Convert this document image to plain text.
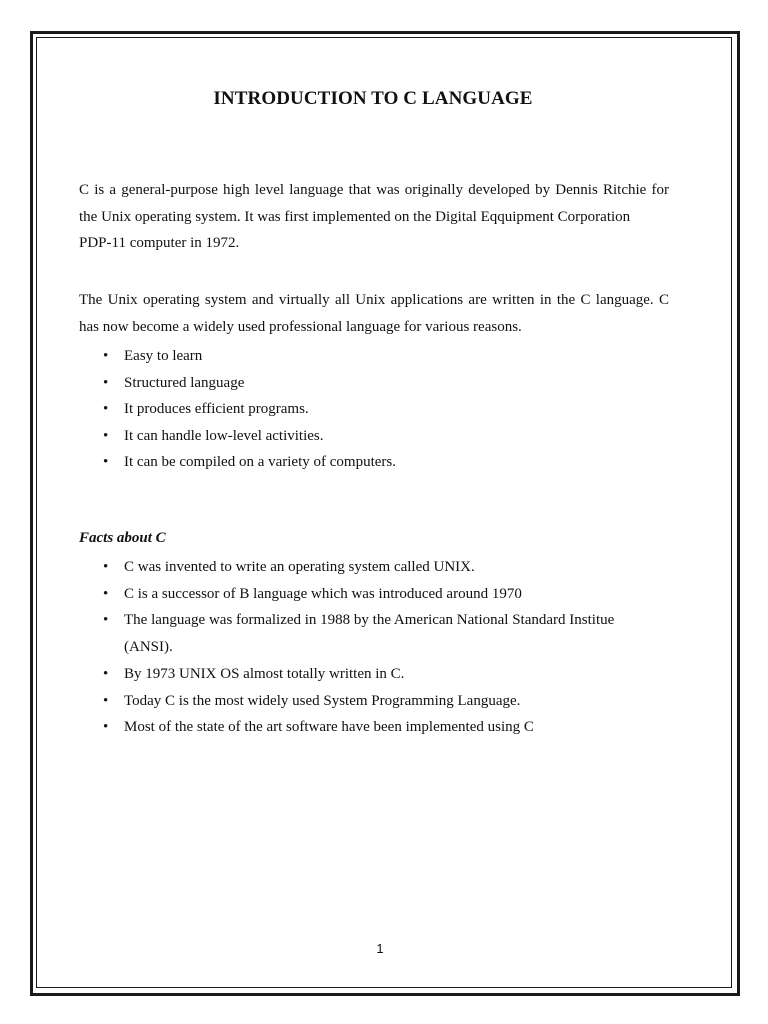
INTRODUCTION TO C LANGUAGE
C is a general-purpose high level language that was originally developed by Dennis Ritchie for
the Unix operating system. It was first implemented on the Digital Eqquipment Corporation
PDP-11 computer in 1972.
The Unix operating system and virtually all Unix applications are written in the C language. C
has now become a widely used professional language for various reasons.
• Easy to learn
• Structured language
• It produces efficient programs.
• It can handle low-level activities.
• It can be compiled on a variety of computers.
Facts about C
• C was invented to write an operating system called UNIX.
• C is a successor of B language which was introduced around 1970
• The language was formalized in 1988 by the American National Standard Institue
(ANSI).
• By 1973 UNIX OS almost totally written in C.
• Today C is the most widely used System Programming Language.
• Most of the state of the art software have been implemented using C
1
